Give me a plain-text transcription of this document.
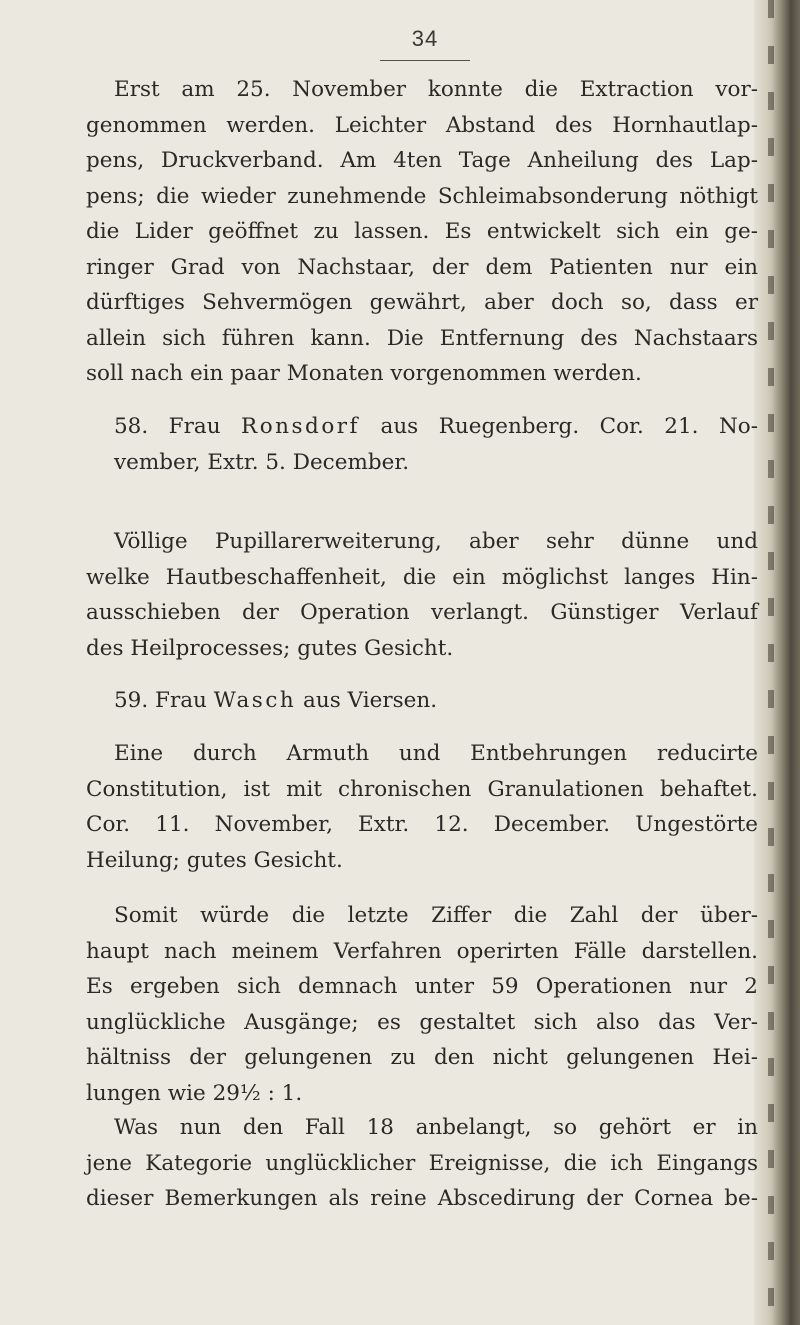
34
Erst am 25. November konnte die Extraction vor-
genommen werden. Leichter Abstand des Hornhautlap-
pens, Druckverband. Am 4ten Tage Anheilung des Lap-
pens; die wieder zunehmende Schleimabsonderung nöthigt
die Lider geöffnet zu lassen. Es entwickelt sich ein ge-
ringer Grad von Nachstaar, der dem Patienten nur ein
dürftiges Sehvermögen gewährt, aber doch so, dass er
allein sich führen kann. Die Entfernung des Nachstaars
soll nach ein paar Monaten vorgenommen werden.
58. Frau Ronsdorf aus Ruegenberg. Cor. 21. No-
vember, Extr. 5. December.
Völlige Pupillarerweiterung, aber sehr dünne und
welke Hautbeschaffenheit, die ein möglichst langes Hin-
ausschieben der Operation verlangt. Günstiger Verlauf
des Heilprocesses; gutes Gesicht.
59. Frau Wasch aus Viersen.
Eine durch Armuth und Entbehrungen reducirte
Constitution, ist mit chronischen Granulationen behaftet.
Cor. 11. November, Extr. 12. December. Ungestörte
Heilung; gutes Gesicht.
Somit würde die letzte Ziffer die Zahl der über-
haupt nach meinem Verfahren operirten Fälle darstellen.
Es ergeben sich demnach unter 59 Operationen nur 2
unglückliche Ausgänge; es gestaltet sich also das Ver-
hältniss der gelungenen zu den nicht gelungenen Hei-
lungen wie 29½ : 1.
Was nun den Fall 18 anbelangt, so gehört er in
jene Kategorie unglücklicher Ereignisse, die ich Eingangs
dieser Bemerkungen als reine Abscedirung der Cornea be-
